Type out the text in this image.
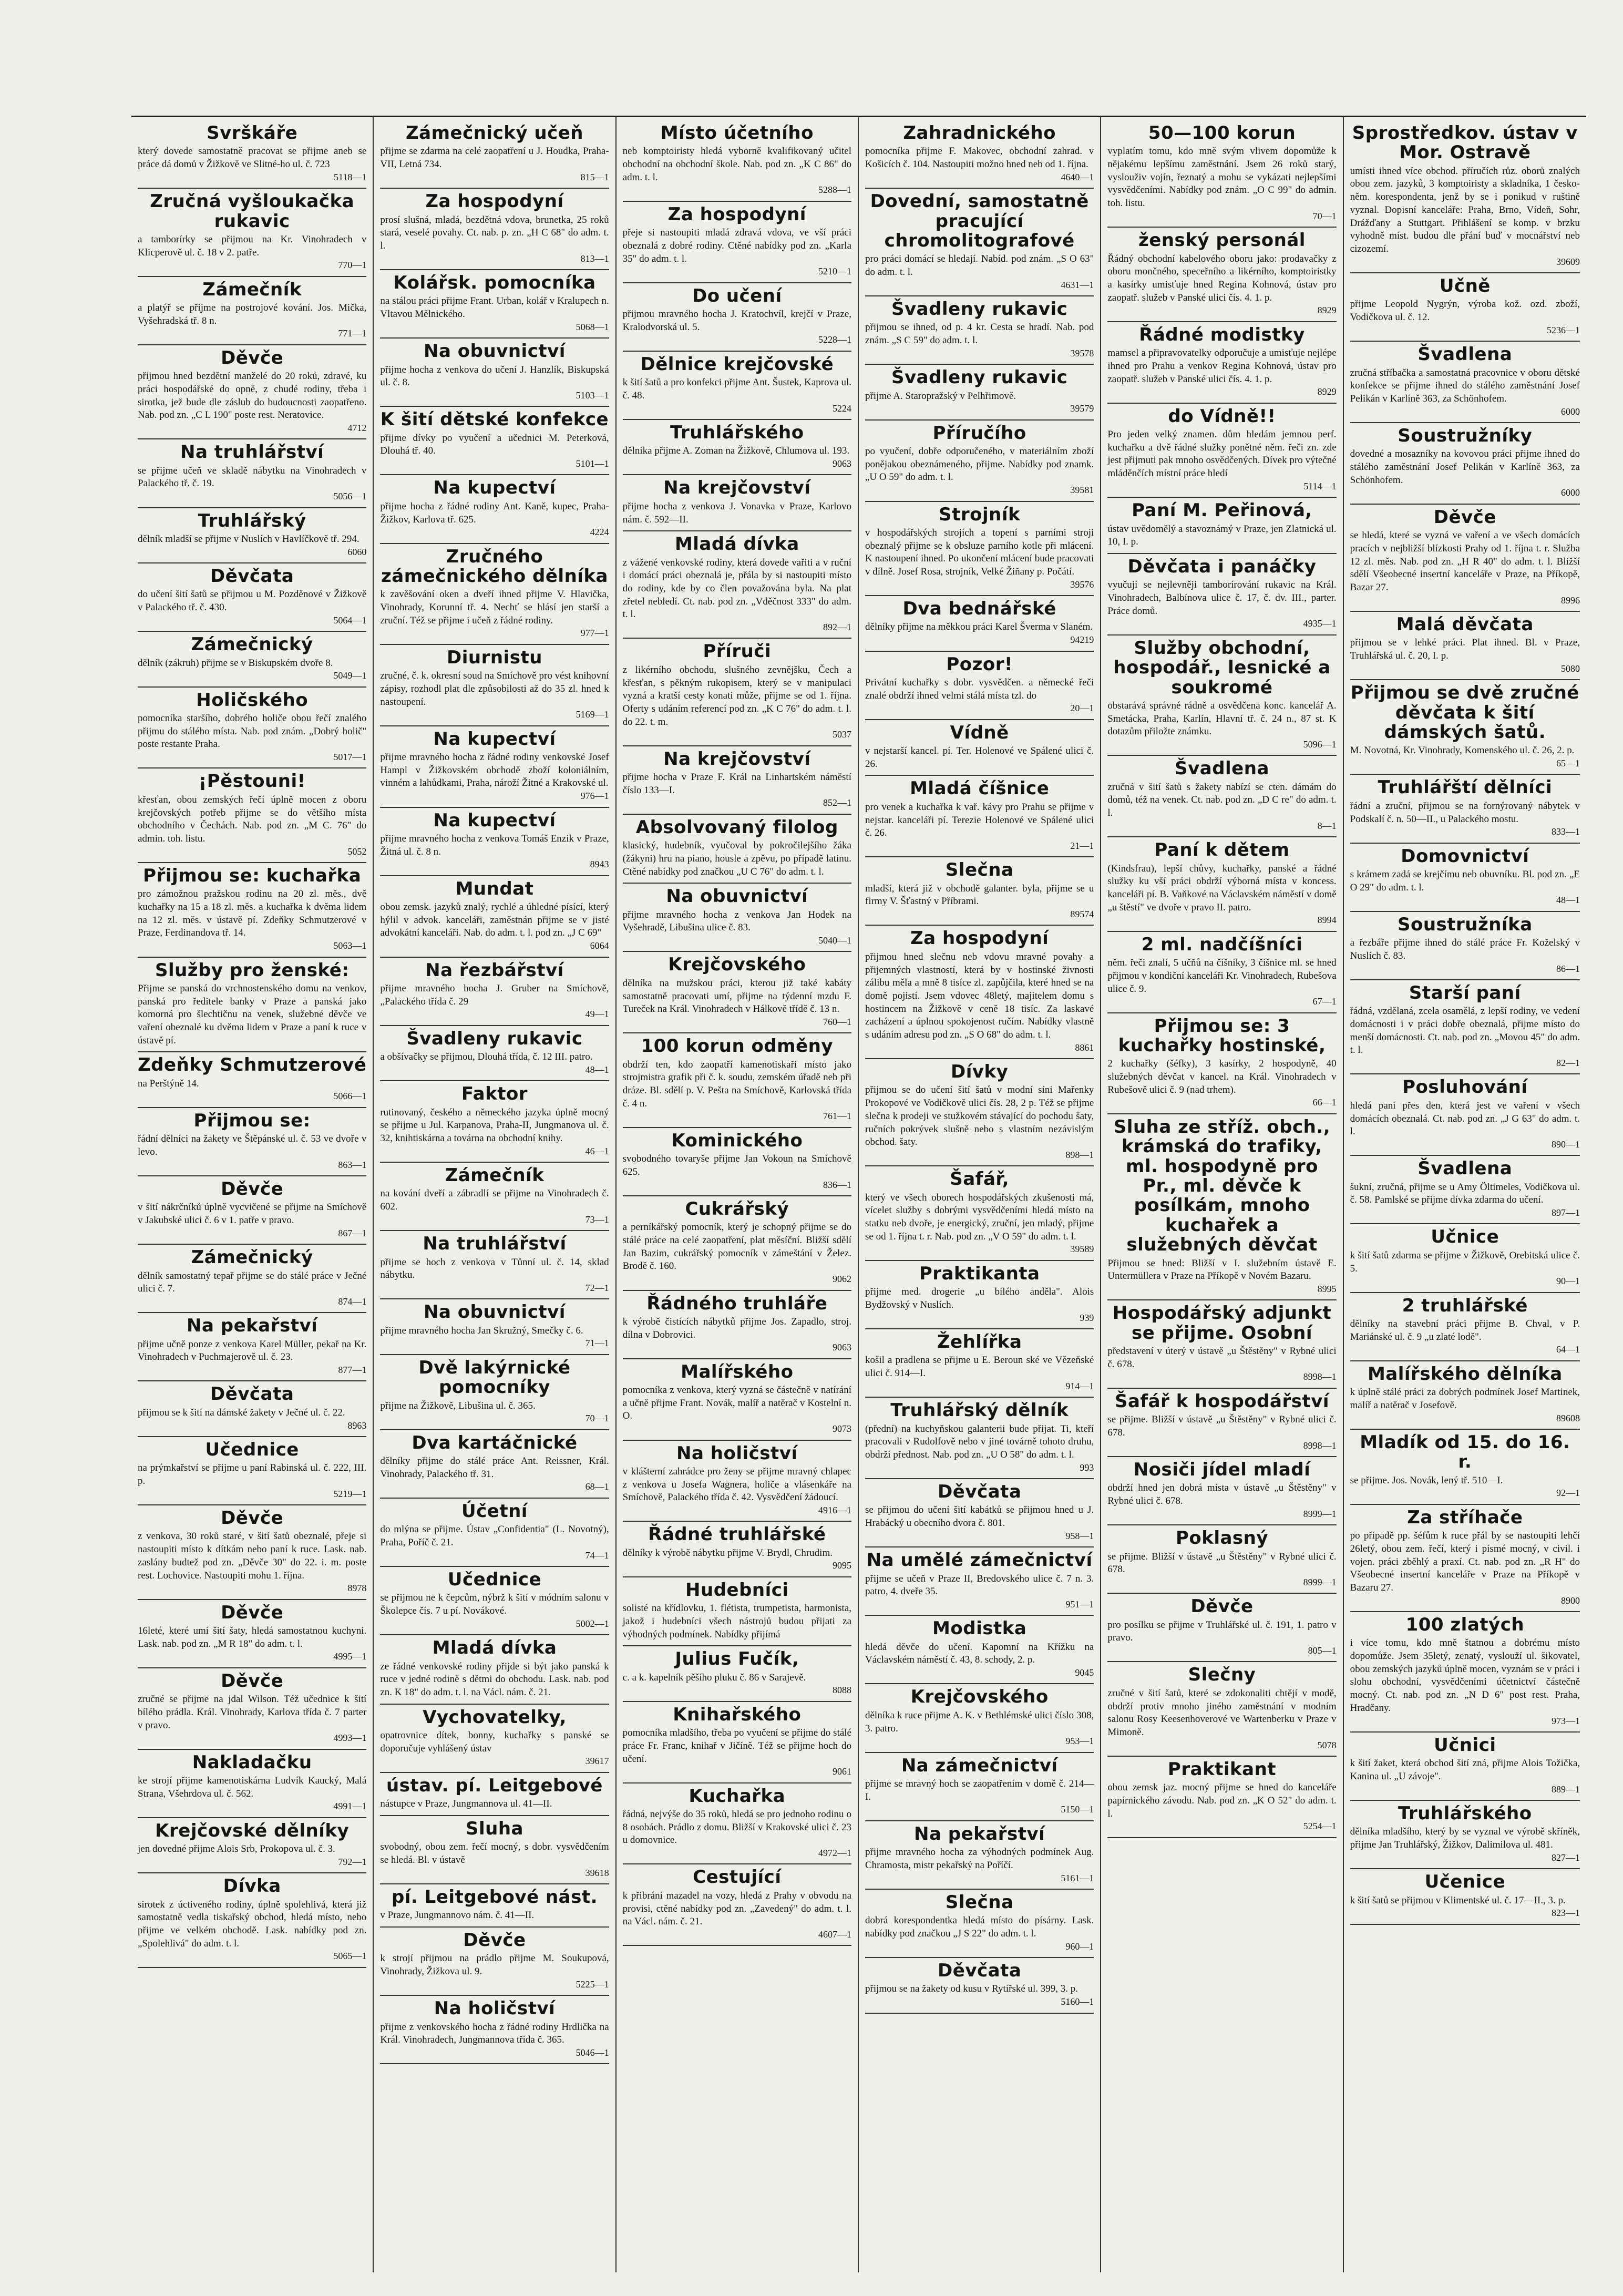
Svrškáře

který dovede samostatně pracovat se přijme aneb se práce dá domů v Žižkově ve Slitné-ho ul. č. 723
5118—1

Zručná vyšloukačka rukavic

a tamborírky se přijmou na Kr. Vinohradech v Klicperově ul. č. 18 v 2. patře.
770—1

Zámečník

a platýř se přijme na postrojové kování. Jos. Mička, Vyšehradská tř. 8 n.
771—1

Děvče

přijmou hned bezdětní manželé do 20 roků, zdravé, ku práci hospodářské do opně, z chudé rodiny, třeba i sirotka, jež bude dle záslub do budoucnosti zaopatřeno. Nab. pod zn. „C L 190" poste rest. Neratovice.
4712

Na truhlářství

se přijme učeň ve skladě nábytku na Vinohradech v Palackého tř. č. 19.
5056—1

Truhlářský

dělník mladší se přijme v Nuslích v Havlíčkově tř. 294.
6060

Děvčata

do učení šití šatů se přijmou u M. Pozděnové v Žižkově v Palackého tř. č. 430.
5064—1

Zámečnický

dělník (zákruh) přijme se v Biskupském dvoře 8.
5049—1

Holičského

pomocníka staršího, dobrého holiče obou řečí znalého přijmu do stálého místa. Nab. pod znám. „Dobrý holič" poste restante Praha.
5017—1

¡Pěstouni!

křesťan, obou zemských řečí úplně mocen z oboru krejčovských potřeb přijme se do většího místa obchodního v Čechách. Nab. pod zn. „M C. 76" do admin. toh. listu.
5052

Přijmou se: kuchařka

pro zámožnou pražskou rodinu na 20 zl. měs., dvě kuchařky na 15 a 18 zl. měs. a kuchařka k dvěma lidem na 12 zl. měs. v ústavě pí. Zdeňky Schmutzerové v Praze, Ferdinandova tř. 14.
5063—1

Služby pro ženské:

Přijme se panská do vrchnostenského domu na venkov, panská pro ředitele banky v Praze a panská jako komorná pro šlechtičnu na venek, služebné děvče ve vaření obeznalé ku dvěma lidem v Praze a paní k ruce v ústavě pí.

Zdeňky Schmutzerové

na Perštýně 14.
5066—1

Přijmou se:

řádní dělníci na žakety ve Štěpánské ul. č. 53 ve dvoře v levo.
863—1

Děvče

v šití nákrčníků úplně vycvičené se přijme na Smíchově v Jakubské ulici č. 6 v 1. patře v pravo.
867—1

Zámečnický

dělník samostatný tepař přijme se do stálé práce v Ječné ulici č. 7.
874—1

Na pekařství

přijme učně ponze z venkova Karel Müller, pekař na Kr. Vinohradech v Puchmajerově ul. č. 23.
877—1

Děvčata

přijmou se k šití na dámské žakety v Ječné ul. č. 22.
8963

Učednice

na prýmkařství se přijme u paní Rabinská ul. č. 222, III. p.
5219—1

Děvče

z venkova, 30 roků staré, v šití šatů obeznalé, přeje si nastoupiti místo k dítkám nebo paní k ruce. Lask. nab. zaslány budtež pod zn. „Děvče 30" do 22. i. m. poste rest. Lochovice. Nastoupiti mohu 1. října.
8978

Děvče

16leté, které umí šití šaty, hledá samostatnou kuchyni. Lask. nab. pod zn. „M R 18" do adm. t. l.
4995—1

Děvče

zručné se přijme na jdal Wilson. Též učednice k šití bílého prádla. Král. Vinohrady, Karlova třída č. 7 parter v pravo.
4993—1

Nakladačku

ke strojí přijme kamenotiskárna Ludvík Kaucký, Malá Strana, Všehrdova ul. č. 562.
4991—1

Krejčovské dělníky

jen dovedné přijme Alois Srb, Prokopova ul. č. 3.
792—1

Dívka

sirotek z úctiveného rodiny, úplně spolehlivá, která již samostatně vedla tiskařský obchod, hledá místo, nebo přijme ve velkém obchodě. Lask. nabídky pod zn. „Spolehlivá" do adm. t. l.
5065—1

Zámečnický učeň

přijme se zdarma na celé zaopatření u J. Houdka, Praha-VII, Letná 734.
815—1

Za hospodyní

prosí slušná, mladá, bezdětná vdova, brunetka, 25 roků stará, veselé povahy. Ct. nab. p. zn. „H C 68" do adm. t. l.
813—1

Kolářsk. pomocníka

na stálou práci přijme Frant. Urban, kolář v Kralupech n. Vltavou Mělnického.
5068—1

Na obuvnictví

přijme hocha z venkova do učení J. Hanzlík, Biskupská ul. č. 8.
5103—1

K šití dětské konfekce

přijme dívky po vyučení a učednici M. Peterková, Dlouhá tř. 40.
5101—1

Na kupectví

přijme hocha z řádné rodiny Ant. Kaně, kupec, Praha-Žižkov, Karlova tř. 625.
4224

Zručného zámečnického dělníka

k zavěšování oken a dveří ihned přijme V. Hlavička, Vinohrady, Korunní tř. 4. Nechť se hlásí jen starší a zruční. Též se přijme i učeň z řádné rodiny.
977—1

Diurnistu

zručné, č. k. okresní soud na Smíchově pro vést knihovní zápisy, rozhodl plat dle způsobilosti až do 35 zl. hned k nastoupení.
5169—1

Na kupectví

přijme mravného hocha z řádné rodiny venkovské Josef Hampl v Žižkovském obchodě zboží koloniálním, vinném a lahůdkami, Praha, nároží Žitné a Krakovské ul.
976—1

Na kupectví

přijme mravného hocha z venkova Tomáš Enzik v Praze, Žitná ul. č. 8 n.
8943

Mundat

obou zemsk. jazyků znalý, rychlé a úhledné písící, který hýlil v advok. kanceláři, zaměstnán přijme se v jisté advokátní kanceláři. Nab. do adm. t. l. pod zn. „J C 69"
6064

Na řezbářství

přijme mravného hocha J. Gruber na Smíchově, „Palackého třída č. 29
49—1

Švadleny rukavic

a obšívačky se přijmou, Dlouhá třída, č. 12 III. patro.
48—1

Faktor

rutinovaný, českého a německého jazyka úplně mocný se přijme u Jul. Karpanova, Praha-II, Jungmanova ul. č. 32, knihtiskárna a továrna na obchodní knihy.
46—1

Zámečník

na kování dveří a zábradlí se přijme na Vinohradech č. 602.
73—1

Na truhlářství

přijme se hoch z venkova v Tůnní ul. č. 14, sklad nábytku.
72—1

Na obuvnictví

přijme mravného hocha Jan Skružný, Smečky č. 6.
71—1

Dvě lakýrnické pomocníky

přijme na Žižkově, Libušina ul. č. 365.
70—1

Dva kartáčnické

dělníky přijme do stálé práce Ant. Reissner, Král. Vinohrady, Palackého tř. 31.
68—1

Účetní

do mlýna se přijme. Ústav „Confidentia" (L. Novotný), Praha, Poříč č. 21.
74—1

Učednice

se přijmou ne k čepcům, nýbrž k šití v módním salonu v Školepce čís. 7 u pí. Novákové.
5002—1

Mladá dívka

ze řádné venkovské rodiny přijde si být jako panská k ruce v jedné rodině s dětmi do obchodu. Lask. nab. pod zn. K 18" do adm. t. l. na Václ. nám. č. 21.

Vychovatelky,

opatrovnice dítek, bonny, kuchařky s panské se doporučuje vyhlášený ústav
39617

ústav. pí. Leitgebové

nástupce v Praze, Jungmannova ul. 41—II.

Sluha

svobodný, obou zem. řečí mocný, s dobr. vysvědčením se hledá. Bl. v ústavě
39618

pí. Leitgebové nást.

v Praze, Jungmannovo nám. č. 41—II.

Děvče

k strojí přijmou na prádlo přijme M. Soukupová, Vinohrady, Žižkova ul. 9.
5225—1

Na holičství

přijme z venkovského hocha z řádné rodiny Hrdlička na Král. Vinohradech, Jungmannova třída č. 365.
5046—1

Místo účetního

neb komptoiristy hledá vyborně kvalifikovaný učitel obchodní na obchodní škole. Nab. pod zn. „K C 86" do adm. t. l.
5288—1

Za hospodyní

přeje si nastoupiti mladá zdravá vdova, ve vší práci obeznalá z dobré rodiny. Ctěné nabídky pod zn. „Karla 35" do adm. t. l.
5210—1

Do učení

přijmou mravného hocha J. Kratochvíl, krejčí v Praze, Kralodvorská ul. 5.
5228—1

Dělnice krejčovské

k šití šatů a pro konfekci přijme Ant. Šustek, Kaprova ul. č. 48.
5224

Truhlářského

dělníka přijme A. Zoman na Žižkově, Chlumova ul. 193.
9063

Na krejčovství

přijme hocha z venkova J. Vonavka v Praze, Karlovo nám. č. 592—II.

Mladá dívka

z vážené venkovské rodiny, která dovede vařiti a v ruční i domácí práci obeznalá je, přála by si nastoupiti místo do rodiny, kde by co člen považována byla. Na plat zřetel nebledí. Ct. nab. pod zn. „Vděčnost 333" do adm. t. l.
892—1

Příruči

z likérního obchodu, slušného zevnějšku, Čech a křesťan, s pěkným rukopisem, který se v manipulaci vyzná a kratší cesty konati může, přijme se od 1. října. Oferty s udáním referencí pod zn. „K C 76" do adm. t. l. do 22. t. m.
5037

Na krejčovství

přijme hocha v Praze F. Král na Linhartském náměstí číslo 133—I.
852—1

Absolvovaný filolog

klasický, hudebník, vyučoval by pokročilejšího žáka (žákyni) hru na piano, housle a zpěvu, po případě latinu. Ctěné nabídky pod značkou „U C 76" do adm. t. l.

Na obuvnictví

přijme mravného hocha z venkova Jan Hodek na Vyšehradě, Libušina ulice č. 83.
5040—1

Krejčovského

dělníka na mužskou práci, kterou již také kabáty samostatně pracovati umí, přijme na týdenní mzdu F. Tureček na Král. Vinohradech v Hálkově třídě č. 13 n.
760—1

100 korun odměny

obdrží ten, kdo zaopatří kamenotiskaři místo jako strojmistra grafik při č. k. soudu, zemském úřadě neb při dráze. Bl. sdělí p. V. Pešta na Smíchově, Karlovská třída č. 4 n.
761—1

Kominického

svobodného tovaryše přijme Jan Vokoun na Smíchově 625.
836—1

Cukrářský

a perníkářský pomocník, který je schopný přijme se do stálé práce na celé zaopatření, plat měsíční. Bližší sdělí Jan Bazim, cukrářský pomocník v zámeštání v Želez. Brodě č. 160.
9062

Řádného truhláře

k výrobě čistících nábytků přijme Jos. Zapadlo, stroj. dílna v Dobrovici.
9063

Malířského

pomocníka z venkova, který vyzná se částečně v natírání a učně přijme Frant. Novák, malíř a natěrač v Kostelní n. O.
9073

Na holičství

v klášterní zahrádce pro ženy se přijme mravný chlapec z venkova u Josefa Wagnera, holiče a vlásenkáře na Smíchově, Palackého třída č. 42. Vysvědčení žádoucí.
4916—1

Řádné truhlářské

dělníky k výrobě nábytku přijme V. Brydl, Chrudim.
9095

Hudebníci

solisté na křídlovku, 1. flétista, trumpetista, harmonista, jakož i hudebníci všech nástrojů budou přijati za výhodných podmínek. Nabídky přijímá

Julius Fučík,

c. a k. kapelník pěšího pluku č. 86 v Sarajevě.
8088

Knihařského

pomocníka mladšího, třeba po vyučení se přijme do stálé práce Fr. Franc, knihař v Jičíně. Též se přijme hoch do učení.
9061

Kuchařka

řádná, nejvýše do 35 roků, hledá se pro jednoho rodinu o 8 osobách. Prádlo z domu. Bližší v Krakovské ulici č. 23 u domovnice.
4972—1

Cestující

k přibrání mazadel na vozy, hledá z Prahy v obvodu na provisi, ctěné nabídky pod zn. „Zavedený" do adm. t. l. na Václ. nám. č. 21.
4607—1

Zahradnického

pomocníka přijme F. Makovec, obchodní zahrad. v Košicích č. 104. Nastoupiti možno hned neb od 1. října.
4640—1

Dovední, samostatně pracující chromolitografové

pro práci domácí se hledají. Nabíd. pod znám. „S O 63" do adm. t. l.
4631—1

Švadleny rukavic

přijmou se ihned, od p. 4 kr. Cesta se hradí. Nab. pod znám. „S C 59" do adm. t. l.
39578

Švadleny rukavic

přijme A. Staropražský v Pelhřimově.
39579

Příručího

po vyučení, dobře odporučeného, v materiálním zboží ponějakou obeznámeného, přijme. Nabídky pod znamk. „U O 59" do adm. t. l.
39581

Strojník

v hospodářských strojích a topení s parními stroji obeznalý přijme se k obsluze parního kotle při mlácení. K nastoupení ihned. Po ukončení mlácení bude pracovati v dílně. Josef Rosa, strojník, Velké Žiňany p. Počátí.
39576

Dva bednářské

dělníky přijme na měkkou práci Karel Šverma v Slaném.
94219

Pozor!

Privátní kuchařky s dobr. vysvědčen. a německé řeči znalé obdrží ihned velmi stálá místa tzl. do
20—1

Vídně

v nejstarší kancel. pí. Ter. Holenové ve Spálené ulici č. 26.

Mladá číšnice

pro venek a kuchařka k vař. kávy pro Prahu se přijme v nejstar. kanceláři pí. Terezie Holenové ve Spálené ulici č. 26.
21—1

Slečna

mladší, která již v obchodě galanter. byla, přijme se u firmy V. Šťastný v Příbrami.
89574

Za hospodyní

přijmou hned slečnu neb vdovu mravné povahy a přijemných vlastností, která by v hostinské živnosti zálibu měla a mně 8 tisíce zl. zapůjčila, které hned se na domě pojistí. Jsem vdovec 48letý, majitelem domu s hostincem na Žižkově v ceně 18 tisíc. Za laskavé zacházení a úplnou spokojenost ručím. Nabídky vlastně s udáním adresu pod zn. „S O 68" do adm. t. l.
8861

Dívky

přijmou se do učení šití šatů v modní síni Mařenky Prokopové ve Vodičkově ulici čís. 28, 2 p. Též se přijme slečna k prodeji ve stužkovém stávající do pochodu šaty, ručních pokrývek slušně nebo s vlastním nezávislým obchod. šaty.
898—1

Šafář,

který ve všech oborech hospodářských zkušenosti má, vícelet služby s dobrými vysvědčeními hledá místo na statku neb dvoře, je energický, zruční, jen mladý, přijme se od 1. října t. r. Nab. pod zn. „V O 59" do adm. t. l.
39589

Praktikanta

přijme med. drogerie „u bílého anděla". Alois Bydžovský v Nuslích.
939

Žehlířka

košil a pradlena se přijme u E. Beroun ské ve Vězeňské ulici č. 914—I.
914—1

Truhlářský dělník

(přední) na kuchyňskou galanterii bude přijat. Ti, kteří pracovali v Rudolfově nebo v jiné továrně tohoto druhu, obdrží přednost. Nab. pod zn. „U O 58" do adm. t. l.
993

Děvčata

se přijmou do učení šití kabátků se přijmou hned u J. Hrabácký u obecního dvora č. 801.
958—1

Na umělé zámečnictví

přijme se učeň v Praze II, Bredovského ulice č. 7 n. 3. patro, 4. dveře 35.
951—1

Modistka

hledá děvče do učení. Kapomní na Křížku na Václavském náměstí č. 43, 8. schody, 2. p.
9045

Krejčovského

dělníka k ruce přijme A. K. v Bethlémské ulici číslo 308, 3. patro.
953—1

Na zámečnictví

přijme se mravný hoch se zaopatřením v domě č. 214—I.
5150—1

Na pekařství

přijme mravného hocha za výhodných podmínek Aug. Chramosta, mistr pekařský na Poříčí.
5161—1

Slečna

dobrá korespondentka hledá místo do písárny. Lask. nabídky pod značkou „J S 22" do adm. t. l.
960—1

Děvčata

přijmou se na žakety od kusu v Rytířské ul. 399, 3. p.
5160—1

50—100 korun

vyplatím tomu, kdo mně svým vlivem dopomůže k nějakému lepšímu zaměstnání. Jsem 26 roků starý, vyslouživ vojín, řeznatý a mohu se vykázati nejlepšími vysvědčeními. Nabídky pod znám. „O C 99" do admin. toh. listu.
70—1

ženský personál

Řádný obchodní kabelového oboru jako: prodavačky z oboru mončného, speceřního a likérního, komptoiristky a kasírky umisťuje hned Regina Kohnová, ústav pro zaopatř. služeb v Panské ulici čís. 4. 1. p.
8929

Řádné modistky

mamsel a připravovatelky odporučuje a umisťuje nejlépe ihned pro Prahu a venkov Regina Kohnová, ústav pro zaopatř. služeb v Panské ulici čís. 4. 1. p.
8929

do Vídně!!

Pro jeden velký znamen. dům hledám jemnou perf. kuchařku a dvě řádné služky ponětné něm. řeči zn. zde jest přijmuti pak mnoho osvědčených. Dívek pro výtečné mláděnčích místní práce hledí
5114—1

Paní M. Peřinová,

ústav uvědomělý a stavoznámý v Praze, jen Zlatnická ul. 10, I. p.

Děvčata i panáčky

vyučují se nejlevněji tamborírování rukavic na Král. Vinohradech, Balbínova ulice č. 17, č. dv. III., parter. Práce domů.
4935—1

Služby obchodní, hospodář., lesnické a soukromé

obstarává správné rádně a osvědčena konc. kancelář A. Smetácka, Praha, Karlín, Hlavní tř. č. 24 n., 87 st. K dotazům přiložte známku.
5096—1

Švadlena

zručná v šití šatů s žakety nabízí se cten. dámám do domů, též na venek. Ct. nab. pod zn. „D C re" do adm. t. l.
8—1

Paní k dětem

(Kindsfrau), lepší chůvy, kuchařky, panské a řádné služky ku vší práci obdrží výborná místa v koncess. kanceláři pí. B. Vaňkové na Václavském náměstí v domě „u štěstí" ve dvoře v pravo II. patro.
8994

2 ml. nadčíšníci

něm. řeči znalí, 5 učňů na číšníky, 3 číšnice ml. se hned přijmou v kondiční kanceláři Kr. Vinohradech, Rubešova ulice č. 9.
67—1

Přijmou se: 3 kuchařky hostinské,

2 kuchařky (šéfky), 3 kasírky, 2 hospodyně, 40 služebných děvčat v kancel. na Král. Vinohradech v Rubešově ulici č. 9 (nad trhem).
66—1

Sluha ze stříž. obch., krámská do trafiky, ml. hospodyně pro Pr., ml. děvče k posílkám, mnoho kuchařek a služebných děvčat

Přijmou se hned: Bližší v I. služebním ústavě E. Untermüllera v Praze na Příkopě v Novém Bazaru.
8995

Hospodářský adjunkt se přijme. Osobní

představení v úterý v ústavě „u Štěstěny" v Rybné ulici č. 678.
8998—1

Šafář k hospodářství

se přijme. Bližší v ústavě „u Štěstěny" v Rybné ulici č. 678.
8998—1

Nosiči jídel mladí

obdrží hned jen dobrá místa v ústavě „u Štěstěny" v Rybné ulici č. 678.
8999—1

Poklasný

se přijme. Bližší v ústavě „u Štěstěny" v Rybné ulici č. 678.
8999—1

Děvče

pro posílku se přijme v Truhlářské ul. č. 191, 1. patro v pravo.
805—1

Slečny

zručné v šití šatů, které se zdokonaliti chtějí v modě, obdrží protiv mnoho jiného zaměstnání v modním salonu Rosy Keesenhoverové ve Wartenberku v Praze v Mimoně.
5078

Praktikant

obou zemsk jaz. mocný přijme se hned do kanceláře papírnického závodu. Nab. pod zn. „K O 52" do adm. t. l.
5254—1

Sprostředkov. ústav v Mor. Ostravě

umísti ihned více obchod. příručích růz. oborů znalých obou zem. jazyků, 3 komptoiristy a skladníka, 1 česko-něm. korespondenta, jenž by se i ponikud v ruštině vyznal. Dopisní kanceláře: Praha, Brno, Vídeň, Sohr, Drážďany a Stuttgart. Přihlášení se komp. v brzku vyhodně míst. budou dle přání buď v mocnářství neb cizozemí.
39609

Učně

přijme Leopold Nygrýn, výroba kož. ozd. zboží, Vodičkova ul. č. 12.
5236—1

Švadlena

zručná stříbačka a samostatná pracovnice v oboru dětské konfekce se přijme ihned do stálého zaměstnání Josef Pelikán v Karlíně 363, za Schönhofem.
6000

Soustružníky

dovedné a mosazníky na kovovou práci přijme ihned do stálého zaměstnání Josef Pelikán v Karlíně 363, za Schönhofem.
6000

Děvče

se hledá, které se vyzná ve vaření a ve všech domácích pracích v nejbližší blízkosti Prahy od 1. října t. r. Služba 12 zl. měs. Nab. pod zn. „H R 40" do adm. t. l. Bližší sdělí Všeobecné insertní kanceláře v Praze, na Příkopě, Bazar 27.
8996

Malá děvčata

přijmou se v lehké práci. Plat ihned. Bl. v Praze, Truhlářská ul. č. 20, I. p.
5080

Přijmou se dvě zručné děvčata k šití dámských šatů.

M. Novotná, Kr. Vinohrady, Komenského ul. č. 26, 2. p.
65—1

Truhlářští dělníci

řádní a zruční, přijmou se na fornýrovaný nábytek v Podskalí č. n. 50—II., u Palackého mostu.
833—1

Domovnictví

s krámem zadá se krejčímu neb obuvníku. Bl. pod zn. „E O 29" do adm. t. l.
48—1

Soustružníka

a řezbáře přijme ihned do stálé práce Fr. Koželský v Nuslích č. 83.
86—1

Starší paní

řádná, vzdělaná, zcela osamělá, z lepší rodiny, ve vedení domácnosti i v práci dobře obeznalá, přijme místo do menší domácnosti. Ct. nab. pod zn. „Movou 45" do adm. t. l.
82—1

Posluhování

hledá paní přes den, která jest ve vaření v všech domácích obeznalá. Ct. nab. pod zn. „J G 63" do adm. t. l.
890—1

Švadlena

šukní, zručná, přijme se u Amy Öltimeles, Vodičkova ul. č. 58. Pamlské se přijme dívka zdarma do učení.
897—1

Učnice

k šití šatů zdarma se přijme v Žižkově, Orebitská ulice č. 5.
90—1

2 truhlářské

dělníky na stavební práci přijme B. Chval, v P. Mariánské ul. č. 9 „u zlaté lodě".
64—1

Malířského dělníka

k úplně stálé práci za dobrých podmínek Josef Martinek, malíř a natěrač v Josefově.
89608

Mladík od 15. do 16. r.

se přijme. Jos. Novák, lený tř. 510—I.
92—1

Za stříhače

po případě pp. šéfům k ruce přál by se nastoupiti lehčí 26letý, obou zem. řečí, který i písmé mocný, v civil. i vojen. práci zběhlý a praxí. Ct. nab. pod zn. „R H" do Všeobecné insertní kanceláře v Praze na Příkopě v Bazaru 27.
8900

100 zlatých

i více tomu, kdo mně štatnou a dobrému místo dopomůže. Jsem 35letý, zenatý, vyslouží ul. šikovatel, obou zemských jazyků úplně mocen, vyznám se v práci i slohu obchodní, vysvědčeními účetnictví částečně mocný. Ct. nab. pod zn. „N D 6" post rest. Praha, Hradčany.
973—1

Učnici

k šití žaket, která obchod šití zná, přijme Alois Tožička, Kanina ul. „U závoje".
889—1

Truhlářského

dělníka mladšího, který by se vyznal ve výrobě skříněk, přijme Jan Truhlářský, Žižkov, Dalimilova ul. 481.
827—1

Učenice

k šití šatů se přijmou v Klimentské ul. č. 17—II., 3. p.
823—1
